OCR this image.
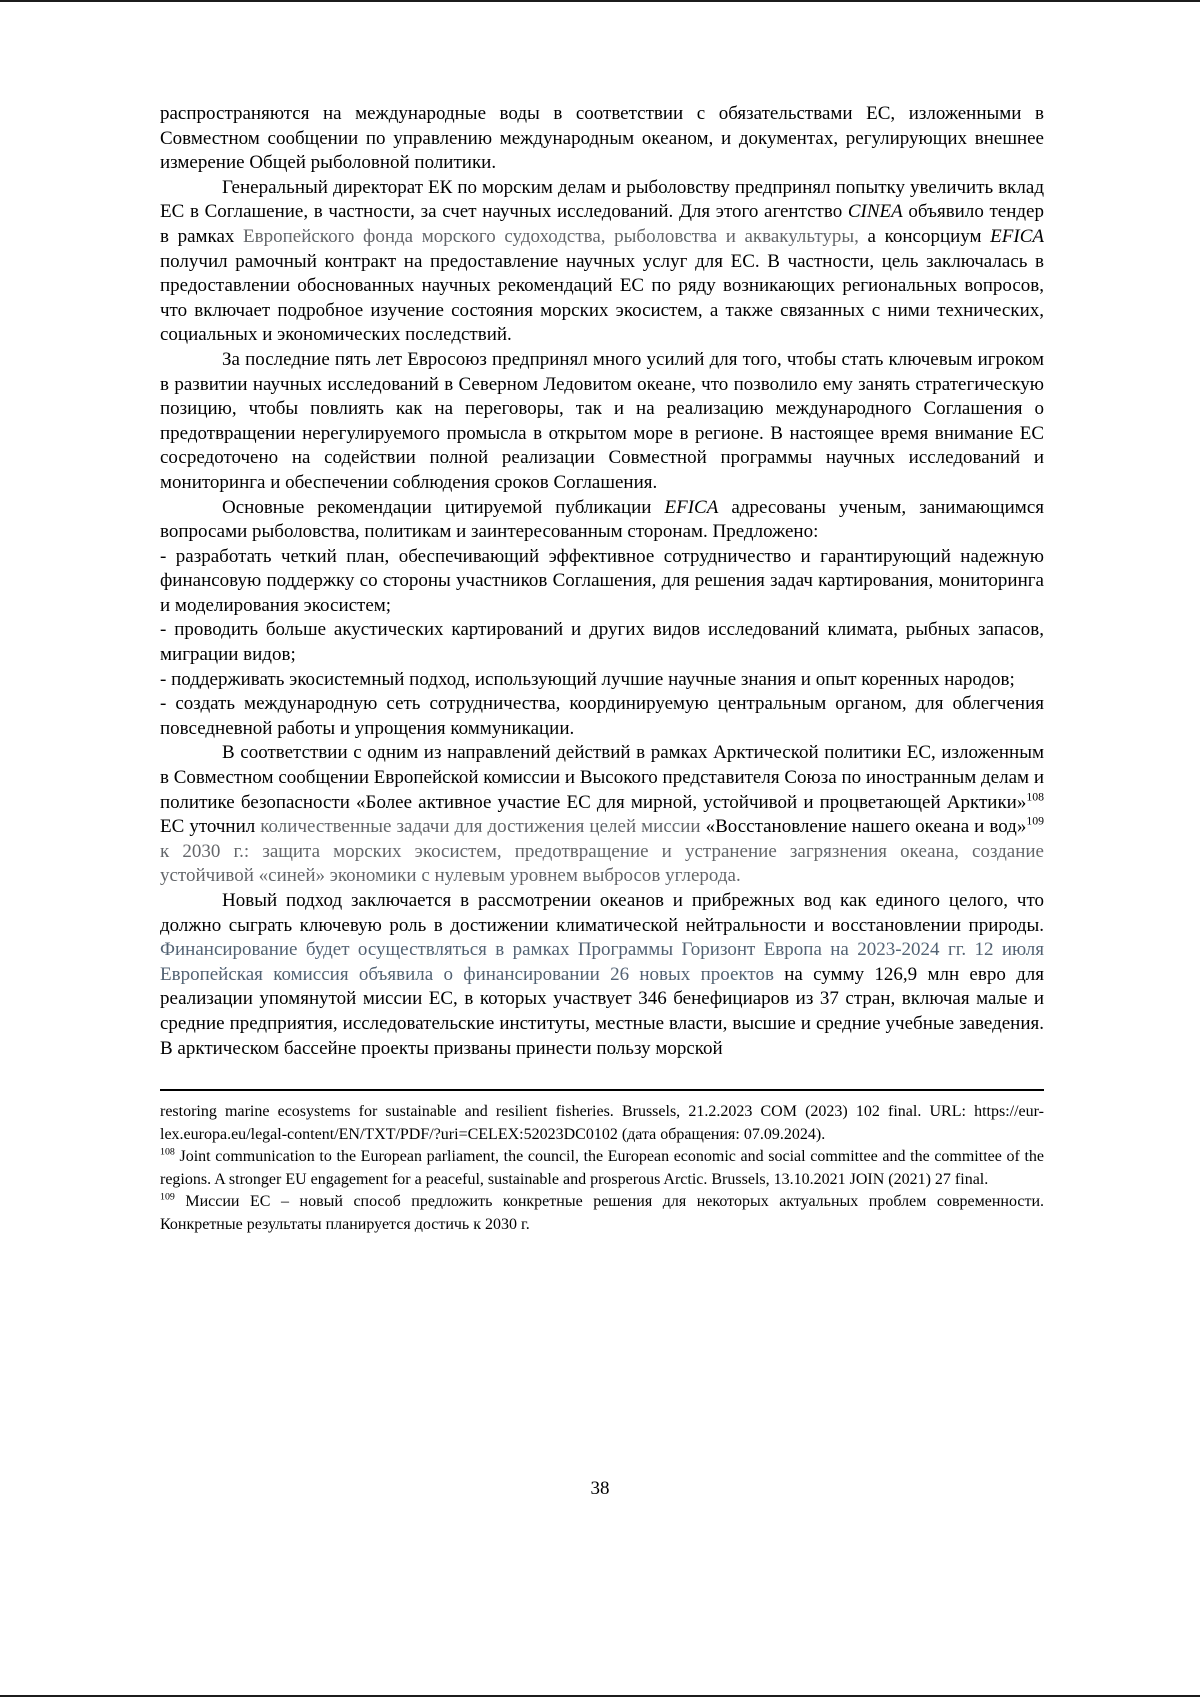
распространяются на международные воды в соответствии с обязательствами ЕС, изложенными в Совместном сообщении по управлению международным океаном, и документах, регулирующих внешнее измерение Общей рыболовной политики.

Генеральный директорат ЕК по морским делам и рыболовству предпринял попытку увеличить вклад ЕС в Соглашение, в частности, за счет научных исследований. Для этого агентство CINEA объявило тендер в рамках Европейского фонда морского судоходства, рыболовства и аквакультуры, а консорциум EFICA получил рамочный контракт на предоставление научных услуг для ЕС. В частности, цель заключалась в предоставлении обоснованных научных рекомендаций ЕС по ряду возникающих региональных вопросов, что включает подробное изучение состояния морских экосистем, а также связанных с ними технических, социальных и экономических последствий.

За последние пять лет Евросоюз предпринял много усилий для того, чтобы стать ключевым игроком в развитии научных исследований в Северном Ледовитом океане, что позволило ему занять стратегическую позицию, чтобы повлиять как на переговоры, так и на реализацию международного Соглашения о предотвращении нерегулируемого промысла в открытом море в регионе. В настоящее время внимание ЕС сосредоточено на содействии полной реализации Совместной программы научных исследований и мониторинга и обеспечении соблюдения сроков Соглашения.

Основные рекомендации цитируемой публикации EFICA адресованы ученым, занимающимся вопросами рыболовства, политикам и заинтересованным сторонам. Предложено:

- разработать четкий план, обеспечивающий эффективное сотрудничество и гарантирующий надежную финансовую поддержку со стороны участников Соглашения, для решения задач картирования, мониторинга и моделирования экосистем;

- проводить больше акустических картирований и других видов исследований климата, рыбных запасов, миграции видов;

- поддерживать экосистемный подход, использующий лучшие научные знания и опыт коренных народов;

- создать международную сеть сотрудничества, координируемую центральным органом, для облегчения повседневной работы и упрощения коммуникации.

В соответствии с одним из направлений действий в рамках Арктической политики ЕС, изложенным в Совместном сообщении Европейской комиссии и Высокого представителя Союза по иностранным делам и политике безопасности «Более активное участие ЕС для мирной, устойчивой и процветающей Арктики»$^{108}$ ЕС уточнил количественные задачи для достижения целей миссии «Восстановление нашего океана и вод»$^{109}$ к 2030 г.: защита морских экосистем, предотвращение и устранение загрязнения океана, создание устойчивой «синей» экономики с нулевым уровнем выбросов углерода.

Новый подход заключается в рассмотрении океанов и прибрежных вод как единого целого, что должно сыграть ключевую роль в достижении климатической нейтральности и восстановлении природы. Финансирование будет осуществляться в рамках Программы Горизонт Европа на 2023-2024 гг. 12 июля Европейская комиссия объявила о финансировании 26 новых проектов на сумму 126,9 млн евро для реализации упомянутой миссии ЕС, в которых участвует 346 бенефициаров из 37 стран, включая малые и средние предприятия, исследовательские институты, местные власти, высшие и средние учебные заведения. В арктическом бассейне проекты призваны принести пользу морской

restoring marine ecosystems for sustainable and resilient fisheries. Brussels, 21.2.2023 COM (2023) 102 final. URL: https://eur-lex.europa.eu/legal-content/EN/TXT/PDF/?uri=CELEX:52023DC0102 (дата обращения: 07.09.2024).

$^{108}$ Joint communication to the European parliament, the council, the European economic and social committee and the committee of the regions. A stronger EU engagement for a peaceful, sustainable and prosperous Arctic. Brussels, 13.10.2021 JOIN (2021) 27 final.

$^{109}$ Миссии ЕС – новый способ предложить конкретные решения для некоторых актуальных проблем современности. Конкретные результаты планируется достичь к 2030 г.

38
